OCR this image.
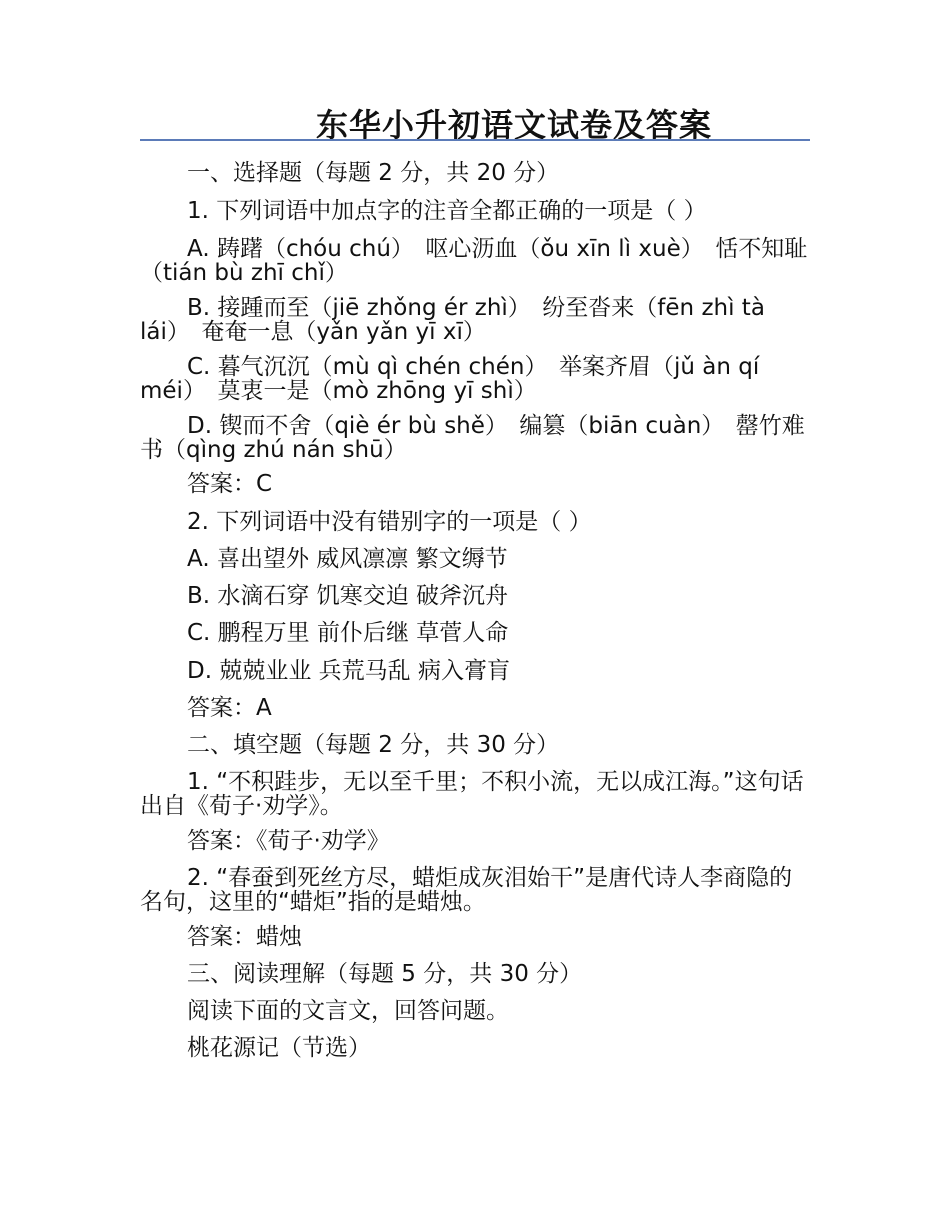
东华小升初语文试卷及答案

一、选择题（每题 2 分，共 20 分）

1. 下列词语中加点字的注音全都正确的一项是（ ）

A. 踌躇（chóu chú）　呕心沥血（ǒu xīn lì xuè）　恬不知耻（tián bù zhī chǐ）

B. 接踵而至（jiē zhǒng ér zhì）　纷至沓来（fēn zhì tà lái）　奄奄一息（yǎn yǎn yī xī）

C. 暮气沉沉（mù qì chén chén）　举案齐眉（jǔ àn qí méi）　莫衷一是（mò zhōng yī shì）

D. 锲而不舍（qiè ér bù shě）　编篡（biān cuàn）　罄竹难书（qìng zhú nán shū）

答案：C

2. 下列词语中没有错别字的一项是（ ）

A. 喜出望外 威风凛凛 繁文缛节

B. 水滴石穿 饥寒交迫 破斧沉舟

C. 鹏程万里 前仆后继 草菅人命

D. 兢兢业业 兵荒马乱 病入膏肓

答案：A

二、填空题（每题 2 分，共 30 分）

1. “不积跬步，无以至千里；不积小流，无以成江海。”这句话出自《荀子·劝学》。

答案：《荀子·劝学》

2. “春蚕到死丝方尽，蜡炬成灰泪始干”是唐代诗人李商隐的名句，这里的“蜡炬”指的是蜡烛。

答案：蜡烛

三、阅读理解（每题 5 分，共 30 分）

阅读下面的文言文，回答问题。

桃花源记（节选）
